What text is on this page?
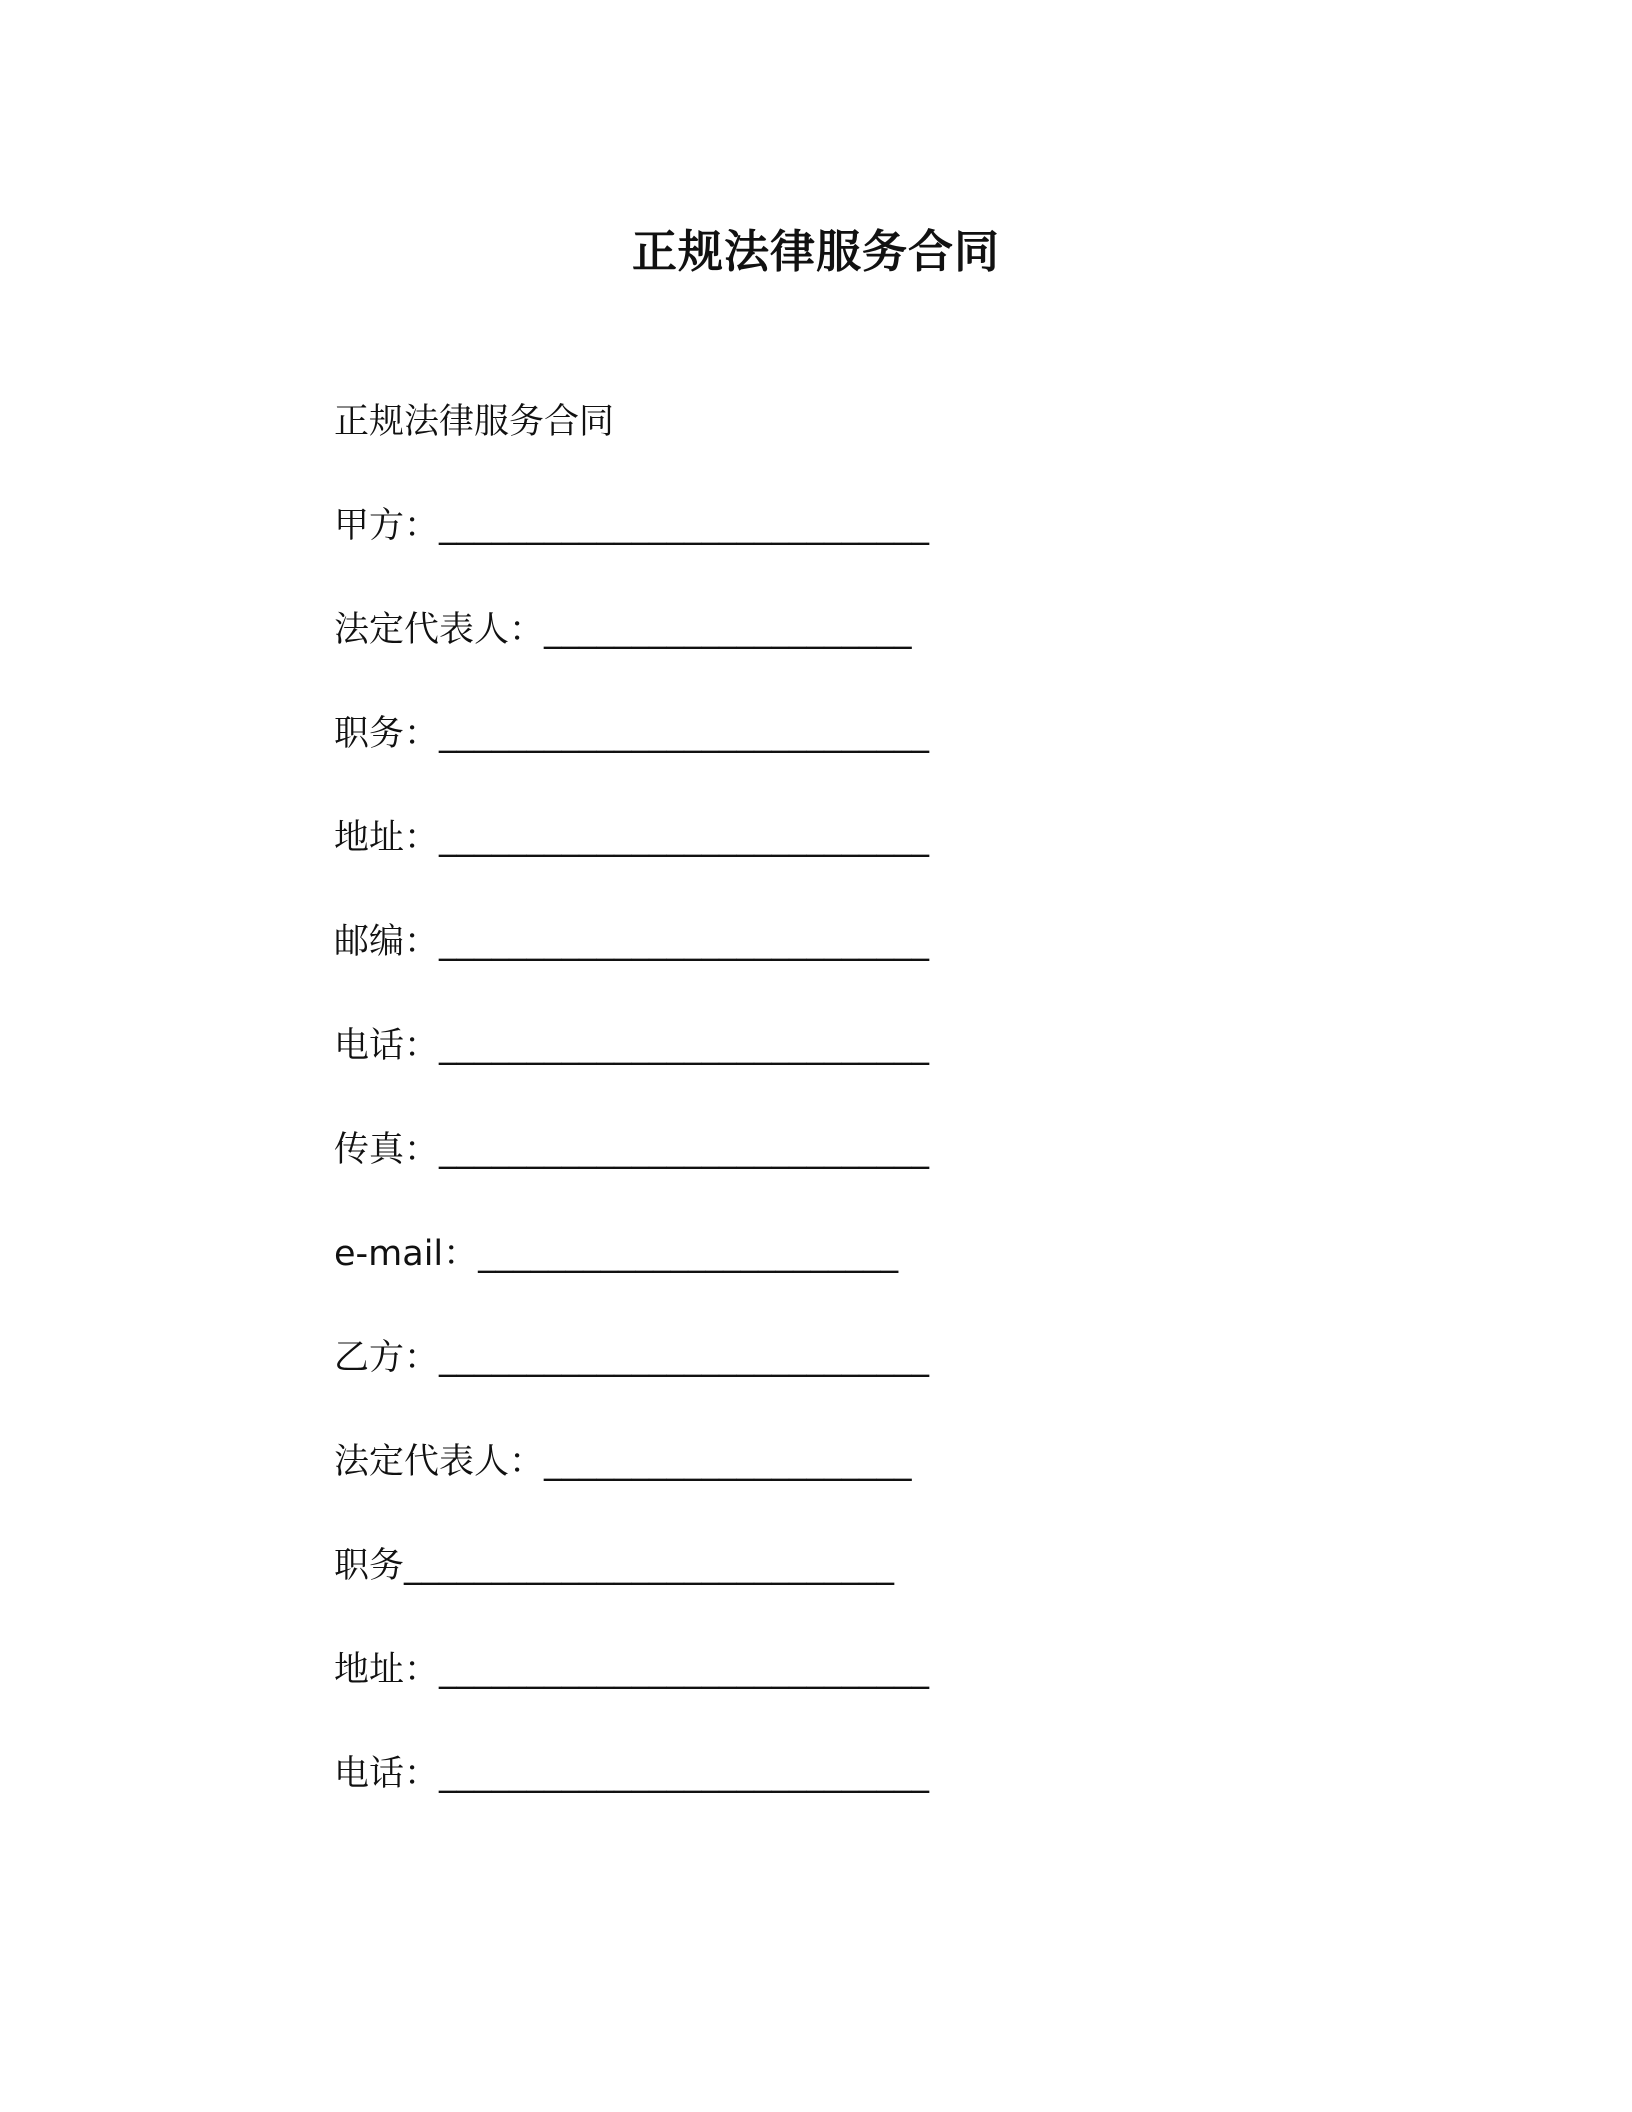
正规法律服务合同
正规法律服务合同
甲方：____________________________
法定代表人：_____________________
职务：____________________________
地址：____________________________
邮编：____________________________
电话：____________________________
传真：____________________________
e-mail：________________________
乙方：____________________________
法定代表人：_____________________
职务____________________________
地址：____________________________
电话：____________________________
